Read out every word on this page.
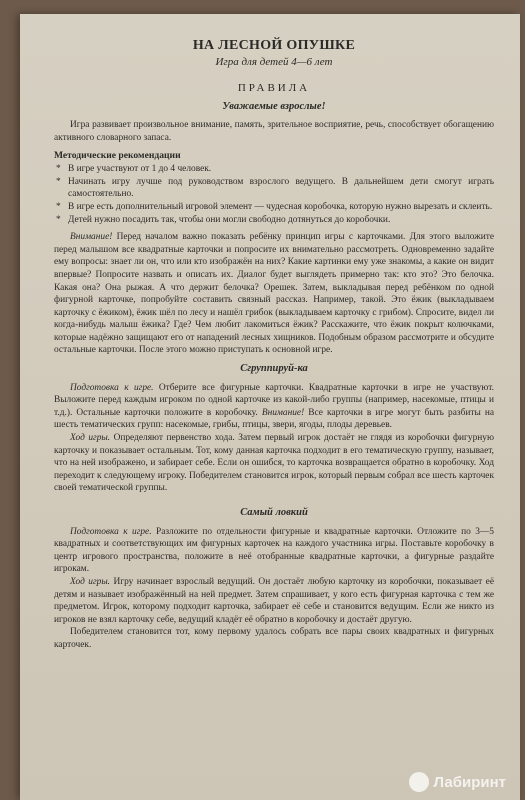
НА ЛЕСНОЙ ОПУШКЕ
Игра для детей 4—6 лет
ПРАВИЛА
Уважаемые взрослые!

Игра развивает произвольное внимание, память, зрительное восприятие, речь, способствует обогащению активного словарного запаса.

Методические рекомендации
* В игре участвуют от 1 до 4 человек.
* Начинать игру лучше под руководством взрослого ведущего. В дальнейшем дети смогут играть самостоятельно.
* В игре есть дополнительный игровой элемент — чудесная коробочка, которую нужно вырезать и склеить.
* Детей нужно посадить так, чтобы они могли свободно дотянуться до коробочки.

Внимание! Перед началом важно показать ребёнку принцип игры с карточками. Для этого выложите перед малышом все квадратные карточки и попросите их внимательно рассмотреть. Одновременно задайте ему вопросы: знает ли он, что или кто изображён на них? Какие картинки ему уже знакомы, а какие он видит впервые? Попросите назвать и описать их. Диалог будет выглядеть примерно так: кто это? Это белочка. Какая она? Она рыжая. А что держит белочка? Орешек. Затем, выкладывая перед ребёнком по одной фигурной карточке, попробуйте составить связный рассказ. Например, такой. Это ёжик (выкладываем карточку с ёжиком), ёжик шёл по лесу и нашёл грибок (выкладываем карточку с грибом). Спросите, видел ли когда-нибудь малыш ёжика? Где? Чем любит лакомиться ёжик? Расскажите, что ёжик покрыт колючками, которые надёжно защищают его от нападений лесных хищников. Подобным образом рассмотрите и обсудите остальные карточки. После этого можно приступать к основной игре.

Сгруппируй-ка

Подготовка к игре. Отберите все фигурные карточки. Квадратные карточки в игре не участвуют. Выложите перед каждым игроком по одной карточке из какой-либо группы (например, насекомые, птицы и т.д.). Остальные карточки положите в коробочку. Внимание! Все карточки в игре могут быть разбиты на шесть тематических групп: насекомые, грибы, птицы, звери, ягоды, плоды деревьев.

Ход игры. Определяют первенство хода. Затем первый игрок достаёт не глядя из коробочки фигурную карточку и показывает остальным. Тот, кому данная карточка подходит в его тематическую группу, называет, что на ней изображено, и забирает себе. Если он ошибся, то карточка возвращается обратно в коробочку. Ход переходит к следующему игроку. Победителем становится игрок, который первым собрал все шесть карточек своей тематической группы.

Самый ловкий

Подготовка к игре. Разложите по отдельности фигурные и квадратные карточки. Отложите по 3—5 квадратных и соответствующих им фигурных карточек на каждого участника игры. Поставьте коробочку в центр игрового пространства, положите в неё отобранные квадратные карточки, а фигурные раздайте игрокам.

Ход игры. Игру начинает взрослый ведущий. Он достаёт любую карточку из коробочки, показывает её детям и называет изображённый на ней предмет. Затем спрашивает, у кого есть фигурная карточка с тем же предметом. Игрок, которому подходит карточка, забирает её себе и становится ведущим. Если же никто из игроков не взял карточку себе, ведущий кладёт её обратно в коробочку и достаёт другую.

Победителем становится тот, кому первому удалось собрать все пары своих квадратных и фигурных карточек.

Лабиринт
